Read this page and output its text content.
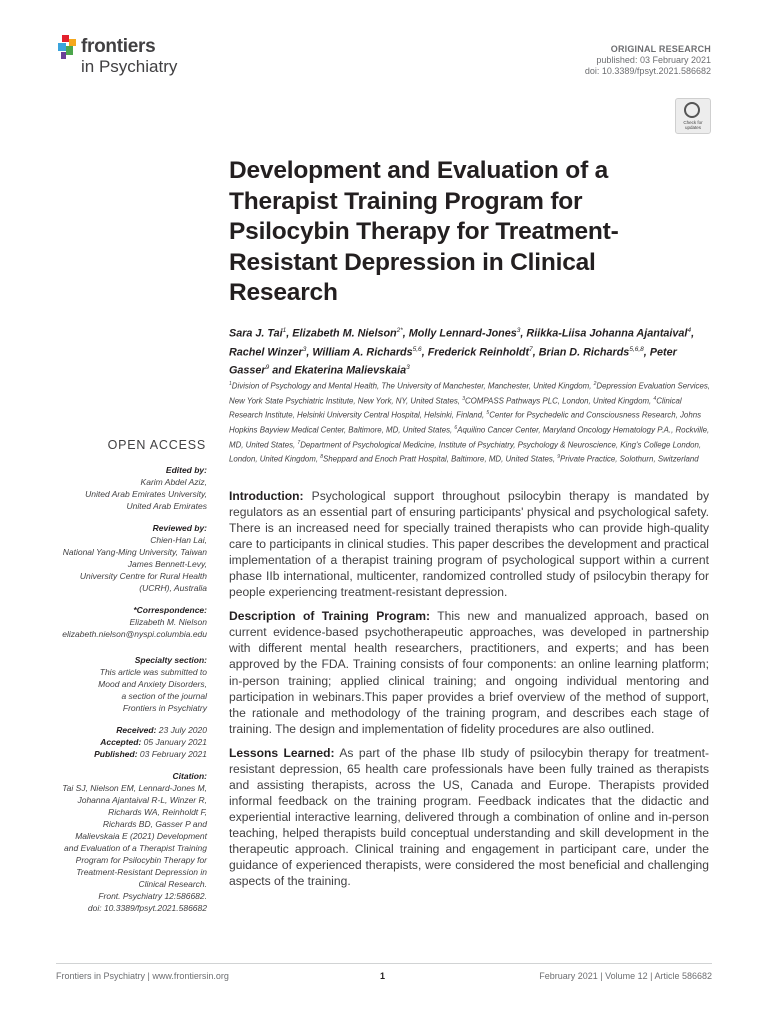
frontiers
in Psychiatry
ORIGINAL RESEARCH
published: 03 February 2021
doi: 10.3389/fpsyt.2021.586682
Check for
updates
Development and Evaluation of a Therapist Training Program for Psilocybin Therapy for Treatment-Resistant Depression in Clinical Research
Sara J. Tai$^1$, Elizabeth M. Nielson$^{2*}$, Molly Lennard-Jones$^3$, Riikka-Liisa Johanna Ajantaival$^4$, Rachel Winzer$^3$, William A. Richards$^{5,6}$, Frederick Reinholdt$^7$, Brian D. Richards$^{5,6,8}$, Peter Gasser$^9$ and Ekaterina Malievskaia$^3$
$^1$Division of Psychology and Mental Health, The University of Manchester, Manchester, United Kingdom, $^2$Depression Evaluation Services, New York State Psychiatric Institute, New York, NY, United States, $^3$COMPASS Pathways PLC, London, United Kingdom, $^4$Clinical Research Institute, Helsinki University Central Hospital, Helsinki, Finland, $^5$Center for Psychedelic and Consciousness Research, Johns Hopkins Bayview Medical Center, Baltimore, MD, United States, $^6$Aquilino Cancer Center, Maryland Oncology Hematology P.A., Rockville, MD, United States, $^7$Department of Psychological Medicine, Institute of Psychiatry, Psychology & Neuroscience, King's College London, London, United Kingdom, $^8$Sheppard and Enoch Pratt Hospital, Baltimore, MD, United States, $^9$Private Practice, Solothurn, Switzerland
OPEN ACCESS
Edited by:
Karim Abdel Aziz,
United Arab Emirates University,
United Arab Emirates
Reviewed by:
Chien-Han Lai,
National Yang-Ming University, Taiwan
James Bennett-Levy,
University Centre for Rural Health
(UCRH), Australia
*Correspondence:
Elizabeth M. Nielson
elizabeth.nielson@nyspi.columbia.edu
Specialty section:
This article was submitted to
Mood and Anxiety Disorders,
a section of the journal
Frontiers in Psychiatry
Received: 23 July 2020
Accepted: 05 January 2021
Published: 03 February 2021
Citation:
Tai SJ, Nielson EM, Lennard-Jones M,
Johanna Ajantaival R-L, Winzer R,
Richards WA, Reinholdt F,
Richards BD, Gasser P and
Malievskaia E (2021) Development
and Evaluation of a Therapist Training
Program for Psilocybin Therapy for
Treatment-Resistant Depression in
Clinical Research.
Front. Psychiatry 12:586682.
doi: 10.3389/fpsyt.2021.586682

Introduction: Psychological support throughout psilocybin therapy is mandated by regulators as an essential part of ensuring participants' physical and psychological safety. There is an increased need for specially trained therapists who can provide high-quality care to participants in clinical studies. This paper describes the development and practical implementation of a therapist training program of psychological support within a current phase IIb international, multicenter, randomized controlled study of psilocybin therapy for people experiencing treatment-resistant depression.

Description of Training Program: This new and manualized approach, based on current evidence-based psychotherapeutic approaches, was developed in partnership with different mental health researchers, practitioners, and experts; and has been approved by the FDA. Training consists of four components: an online learning platform; in-person training; applied clinical training; and ongoing individual mentoring and participation in webinars.This paper provides a brief overview of the method of support, the rationale and methodology of the training program, and describes each stage of training. The design and implementation of fidelity procedures are also outlined.

Lessons Learned: As part of the phase IIb study of psilocybin therapy for treatment-resistant depression, 65 health care professionals have been fully trained as therapists and assisting therapists, across the US, Canada and Europe. Therapists provided informal feedback on the training program. Feedback indicates that the didactic and experiential interactive learning, delivered through a combination of online and in-person teaching, helped therapists build conceptual understanding and skill development in the therapeutic approach. Clinical training and engagement in participant care, under the guidance of experienced therapists, were considered the most beneficial and challenging aspects of the training.

Frontiers in Psychiatry | www.frontiersin.org	1	February 2021 | Volume 12 | Article 586682
